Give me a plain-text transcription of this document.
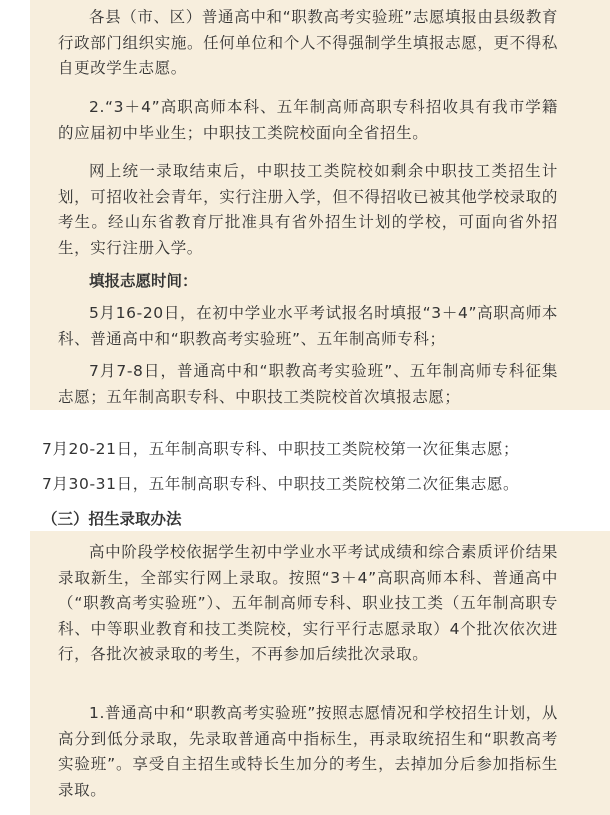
各县（市、区）普通高中和“职教高考实验班”志愿填报由县级教育行政部门组织实施。任何单位和个人不得强制学生填报志愿，更不得私自更改学生志愿。

2.“3＋4”高职高师本科、五年制高师高职专科招收具有我市学籍的应届初中毕业生；中职技工类院校面向全省招生。

网上统一录取结束后，中职技工类院校如剩余中职技工类招生计划，可招收社会青年，实行注册入学，但不得招收已被其他学校录取的考生。经山东省教育厅批准具有省外招生计划的学校，可面向省外招生，实行注册入学。

填报志愿时间：

5月16-20日，在初中学业水平考试报名时填报“3＋4”高职高师本科、普通高中和“职教高考实验班”、五年制高师专科；

7月7-8日，普通高中和“职教高考实验班”、五年制高师专科征集志愿；五年制高职专科、中职技工类院校首次填报志愿；

7月20-21日，五年制高职专科、中职技工类院校第一次征集志愿；

7月30-31日，五年制高职专科、中职技工类院校第二次征集志愿。

（三）招生录取办法

高中阶段学校依据学生初中学业水平考试成绩和综合素质评价结果录取新生，全部实行网上录取。按照“3＋4”高职高师本科、普通高中（“职教高考实验班”）、五年制高师专科、职业技工类（五年制高职专科、中等职业教育和技工类院校，实行平行志愿录取）4个批次依次进行，各批次被录取的考生，不再参加后续批次录取。

1.普通高中和“职教高考实验班”按照志愿情况和学校招生计划，从高分到低分录取，先录取普通高中指标生，再录取统招生和“职教高考实验班”。享受自主招生或特长生加分的考生，去掉加分后参加指标生录取。
